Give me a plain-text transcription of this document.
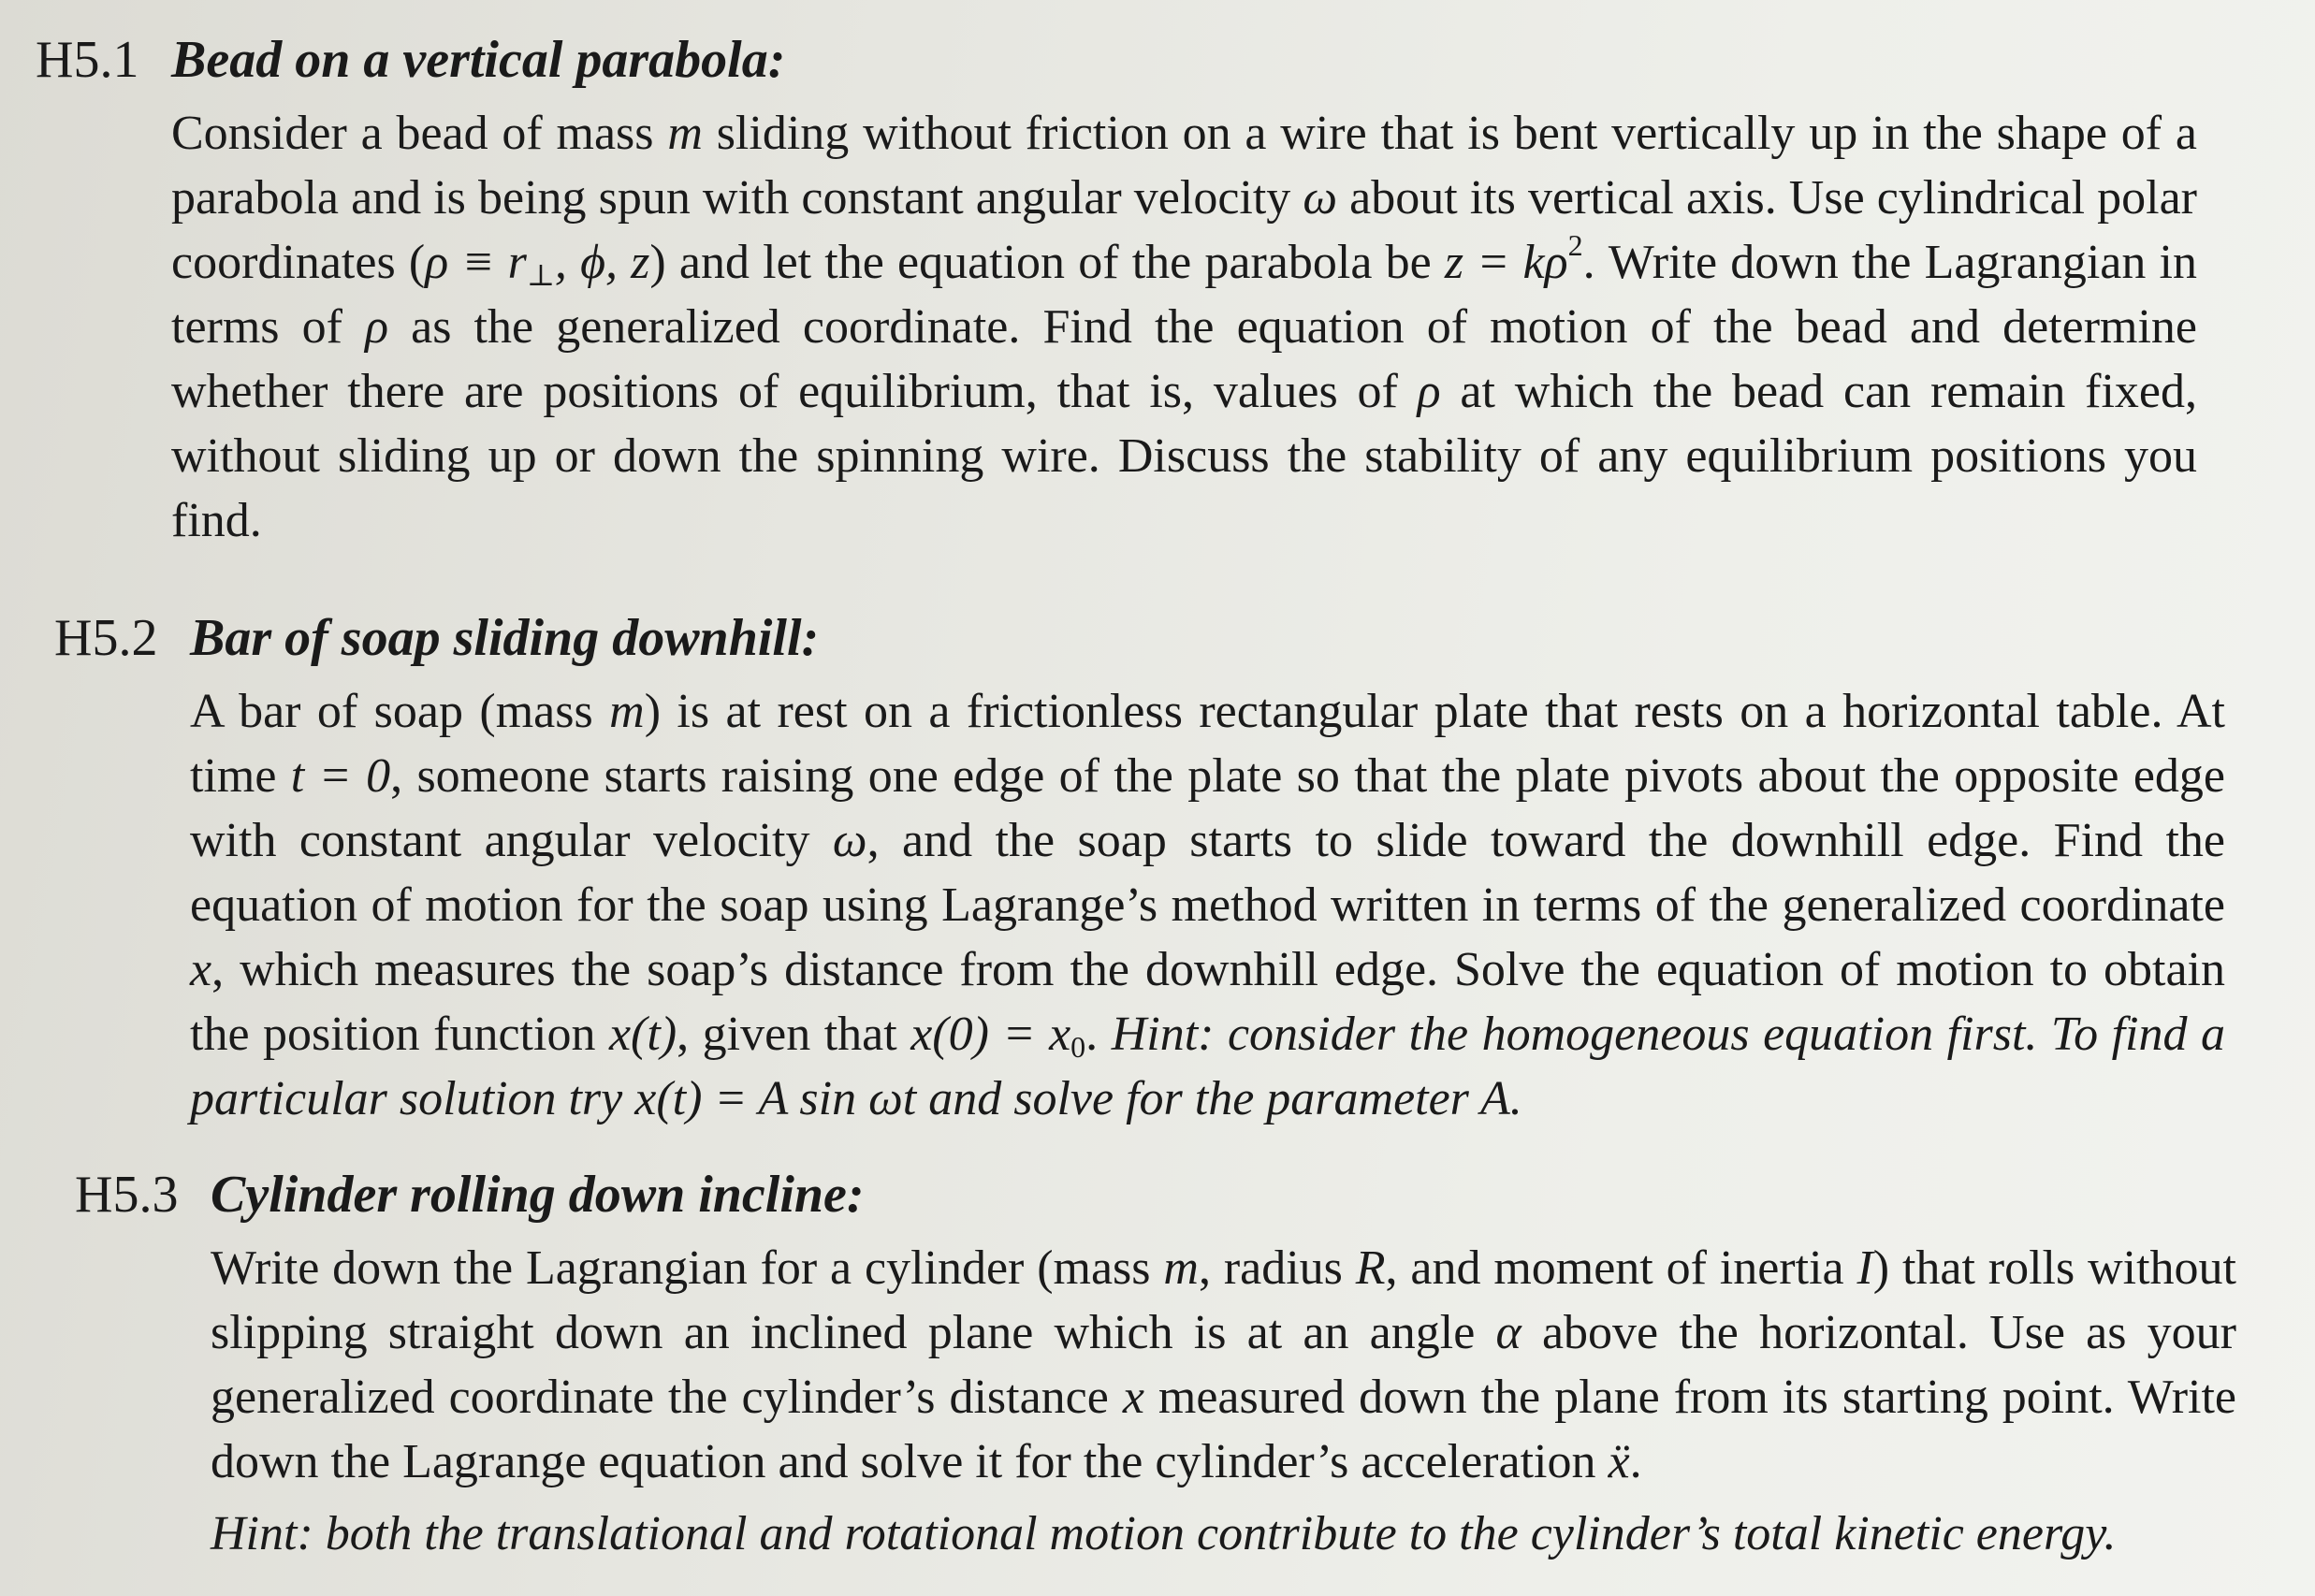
H5.1 Bead on a vertical parabola:

Consider a bead of mass m sliding without friction on a wire that is bent vertically up in the shape of a parabola and is being spun with constant angular velocity ω about its vertical axis. Use cylindrical polar coordinates ($\rho \equiv r_\perp$, ϕ, z) and let the equation of the parabola be $z = k\rho^2$. Write down the Lagrangian in terms of ρ as the generalized coordinate. Find the equation of motion of the bead and determine whether there are positions of equilibrium, that is, values of ρ at which the bead can remain fixed, without sliding up or down the spinning wire. Discuss the stability of any equilibrium positions you find.

H5.2 Bar of soap sliding downhill:

A bar of soap (mass m) is at rest on a frictionless rectangular plate that rests on a horizontal table. At time t = 0, someone starts raising one edge of the plate so that the plate pivots about the opposite edge with constant angular velocity ω, and the soap starts to slide toward the downhill edge. Find the equation of motion for the soap using Lagrange’s method written in terms of the generalized coordinate x, which measures the soap’s distance from the downhill edge. Solve the equation of motion to obtain the position function x(t), given that $x(0) = x_0$. Hint: consider the homogeneous equation first. To find a particular solution try x(t) = A sin ωt and solve for the parameter A.

H5.3 Cylinder rolling down incline:

Write down the Lagrangian for a cylinder (mass m, radius R, and moment of inertia I) that rolls without slipping straight down an inclined plane which is at an angle α above the horizontal. Use as your generalized coordinate the cylinder’s distance x measured down the plane from its starting point. Write down the Lagrange equation and solve it for the cylinder’s acceleration ẍ.

Hint: both the translational and rotational motion contribute to the cylinder’s total kinetic energy.
